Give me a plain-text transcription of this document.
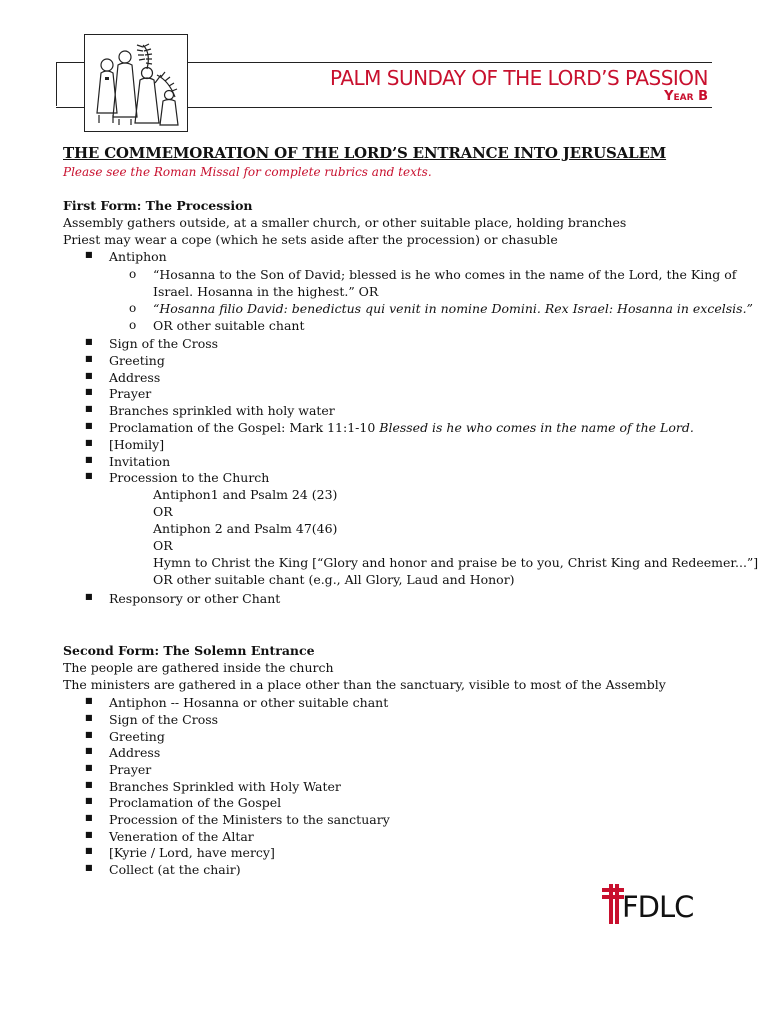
PALM SUNDAY OF THE LORD’S PASSION
Year B
THE COMMEMORATION OF THE LORD’S ENTRANCE INTO JERUSALEM
Please see the Roman Missal for complete rubrics and texts.
First Form: The Procession
Assembly gathers outside, at a smaller church, or other suitable place, holding branches
Priest may wear a cope (which he sets aside after the procession) or chasuble
■ Antiphon
o “Hosanna to the Son of David; blessed is he who comes in the name of the Lord, the King of
Israel. Hosanna in the highest.” OR
o “Hosanna filio David: benedictus qui venit in nomine Domini. Rex Israel: Hosanna in excelsis.”
o OR other suitable chant
■ Sign of the Cross
■ Greeting
■ Address
■ Prayer
■ Branches sprinkled with holy water
■ Proclamation of the Gospel: Mark 11:1-10 Blessed is he who comes in the name of the Lord.
■ [Homily]
■ Invitation
■ Procession to the Church
Antiphon1 and Psalm 24 (23)
OR
Antiphon 2 and Psalm 47(46)
OR
Hymn to Christ the King [“Glory and honor and praise be to you, Christ King and Redeemer...”]
OR other suitable chant (e.g., All Glory, Laud and Honor)
■ Responsory or other Chant
Second Form: The Solemn Entrance
The people are gathered inside the church
The ministers are gathered in a place other than the sanctuary, visible to most of the Assembly
■ Antiphon -- Hosanna or other suitable chant
■ Sign of the Cross
■ Greeting
■ Address
■ Prayer
■ Branches Sprinkled with Holy Water
■ Proclamation of the Gospel
■ Procession of the Ministers to the sanctuary
■ Veneration of the Altar
■ [Kyrie / Lord, have mercy]
■ Collect (at the chair)
FDLC
